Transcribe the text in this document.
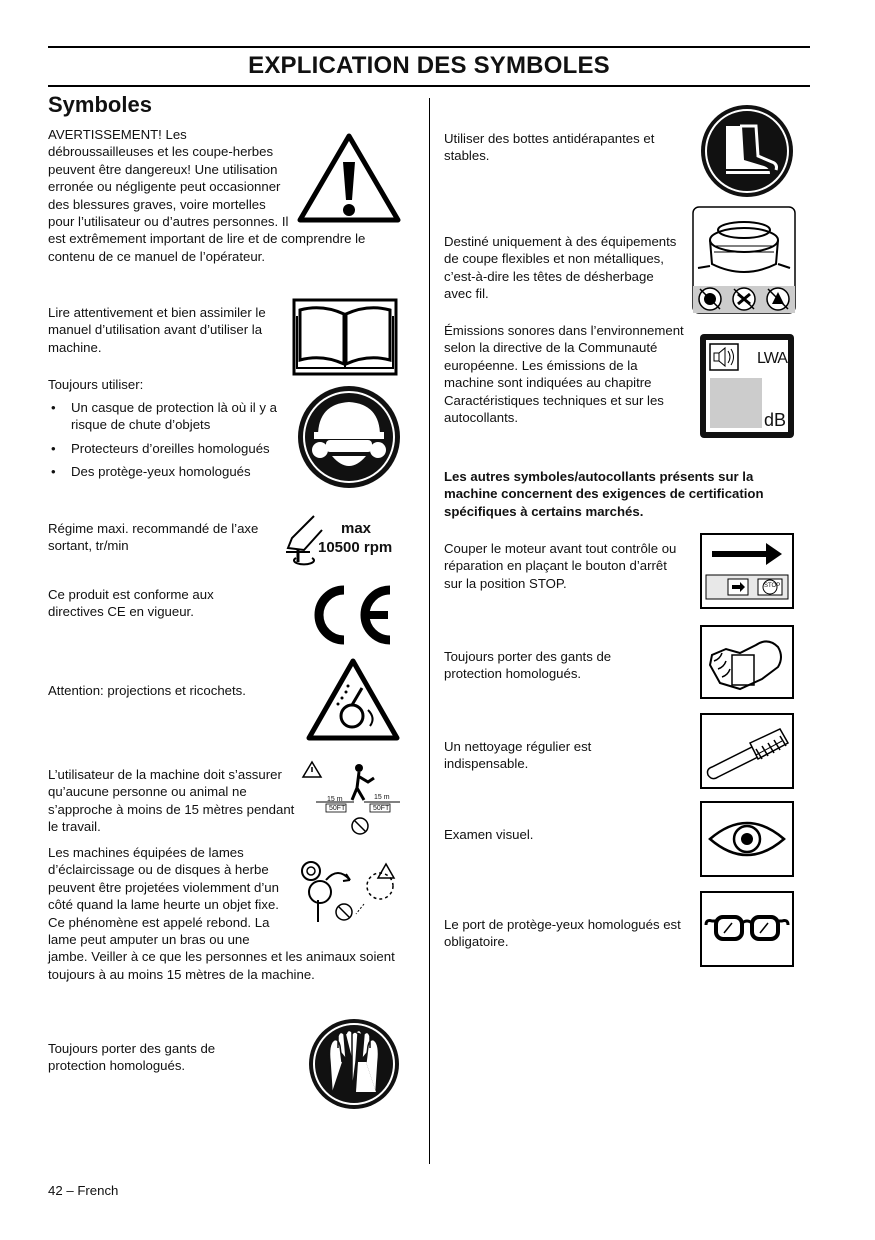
EXPLICATION DES SYMBOLES
Symboles
AVERTISSEMENT! Les débroussailleuses et les coupe-herbes peuvent être dangereux! Une utilisation erronée ou négligente peut occasionner des blessures graves, voire mortelles pour l’utilisateur ou d’autres personnes. Il est extrêmement important de lire et de comprendre le contenu de ce manuel de l’opérateur.
Lire attentivement et bien assimiler le manuel d’utilisation avant d’utiliser la machine.
Toujours utiliser:
• Un casque de protection là où il y a risque de chute d’objets
• Protecteurs d’oreilles homologués
• Des protège-yeux homologués
Régime maxi. recommandé de l’axe sortant, tr/min
max
10500 rpm
Ce produit est conforme aux directives CE en vigueur.
Attention: projections et ricochets.
L’utilisateur de la machine doit s’assurer qu’aucune personne ou animal ne s’approche à moins de 15 mètres pendant le travail.
15 m	15 m
50FT	50FT
Les machines équipées de lames d’éclaircissage ou de disques à herbe peuvent être projetées violemment d’un côté quand la lame heurte un objet fixe. Ce phénomène est appelé rebond. La lame peut amputer un bras ou une jambe. Veiller à ce que les personnes et les animaux soient toujours à au moins 15 mètres de la machine.
Toujours porter des gants de protection homologués.
Utiliser des bottes antidérapantes et stables.
Destiné uniquement à des équipements de coupe flexibles et non métalliques, c’est-à-dire les têtes de désherbage avec fil.
Émissions sonores dans l’environnement selon la directive de la Communauté européenne. Les émissions de la machine sont indiquées au chapitre Caractéristiques techniques et sur les autocollants.
LWA
dB
Les autres symboles/autocollants présents sur la machine concernent des exigences de certification spécifiques à certains marchés.
Couper le moteur avant tout contrôle ou réparation en plaçant le bouton d’arrêt sur la position STOP.	STOP
Toujours porter des gants de protection homologués.
Un nettoyage régulier est indispensable.
Examen visuel.
Le port de protège-yeux homologués est obligatoire.
42 – French
